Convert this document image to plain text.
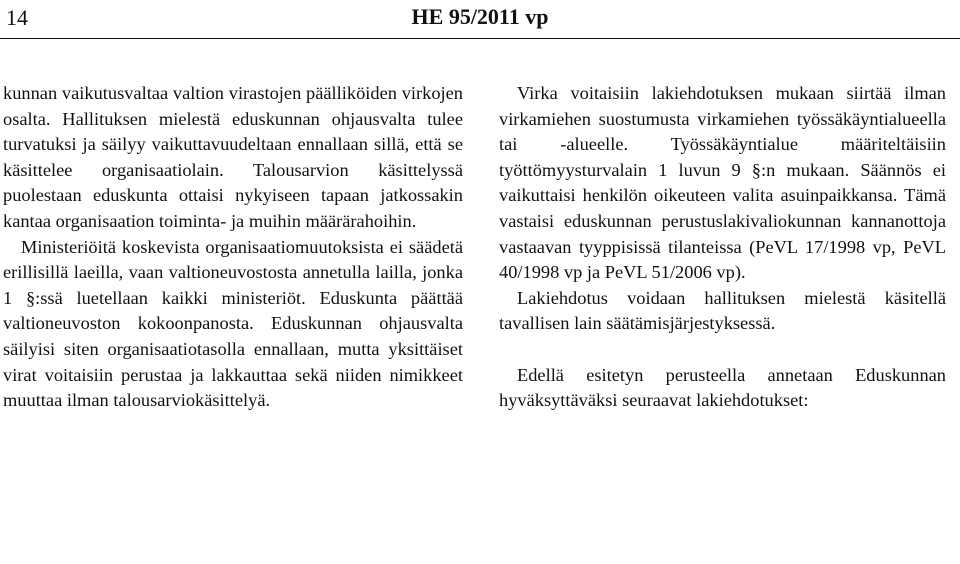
14	HE 95/2011 vp

kunnan vaikutusvaltaa valtion virastojen päälliköiden virkojen osalta. Hallituksen mielestä eduskunnan ohjausvalta tulee turvatuksi ja säilyy vaikuttavuudeltaan ennallaan sillä, että se käsittelee organisaatiolain. Talousarvion käsittelyssä puolestaan eduskunta ottaisi nykyiseen tapaan jatkossakin kantaa organisaation toiminta- ja muihin määrärahoihin.

Ministeriöitä koskevista organisaatiomuutoksista ei säädetä erillisillä laeilla, vaan valtioneuvostosta annetulla lailla, jonka 1 §:ssä luetellaan kaikki ministeriöt. Eduskunta päättää valtioneuvoston kokoonpanosta. Eduskunnan ohjausvalta säilyisi siten organisaatiotasolla ennallaan, mutta yksittäiset virat voitaisiin perustaa ja lakkauttaa sekä niiden nimikkeet muuttaa ilman talousarviokäsittelyä.

Virka voitaisiin lakiehdotuksen mukaan siirtää ilman virkamiehen suostumusta virkamiehen työssäkäyntialueella tai -alueelle. Työssäkäyntialue määriteltäisiin työttömyysturvalain 1 luvun 9 §:n mukaan. Säännös ei vaikuttaisi henkilön oikeuteen valita asuinpaikkansa. Tämä vastaisi eduskunnan perustuslakivaliokunnan kannanottoja vastaavan tyyppisissä tilanteissa (PeVL 17/1998 vp, PeVL 40/1998 vp ja PeVL 51/2006 vp).

Lakiehdotus voidaan hallituksen mielestä käsitellä tavallisen lain säätämisjärjestyksessä.

Edellä esitetyn perusteella annetaan Eduskunnan hyväksyttäväksi seuraavat lakiehdotukset:
